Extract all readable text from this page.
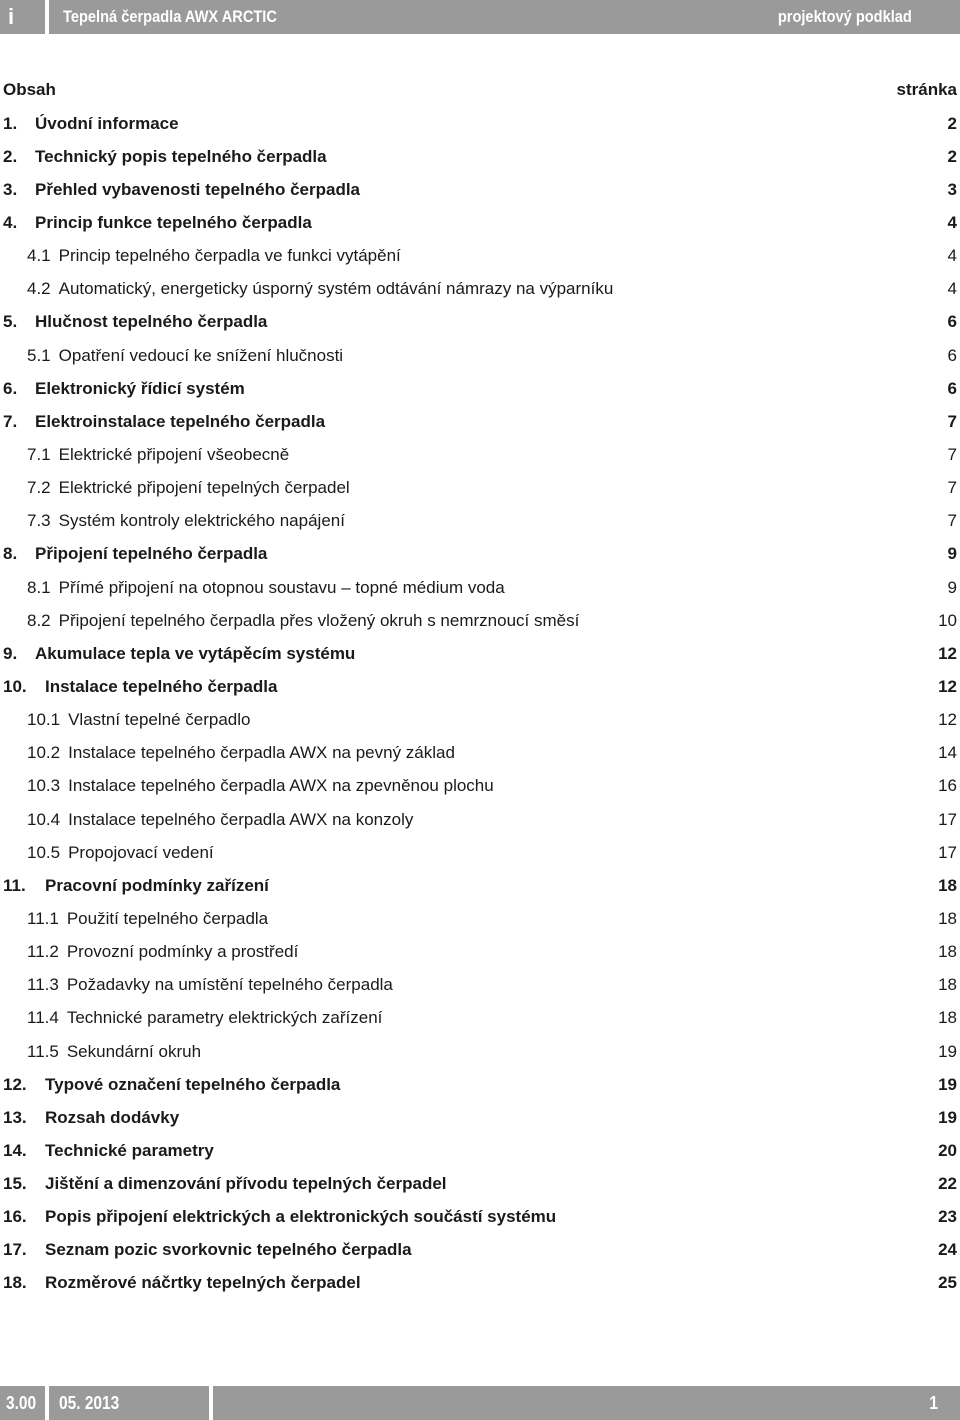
i	Tepelná čerpadla AWX ARCTIC	projektový podklad
Obsah	stránka
1.	Úvodní informace	2
2.	Technický popis tepelného čerpadla	2
3.	Přehled vybavenosti tepelného čerpadla	3
4.	Princip funkce tepelného čerpadla	4
4.1 Princip tepelného čerpadla ve funkci vytápění	4
4.2 Automatický, energeticky úsporný systém odtávání námrazy na výparníku	4
5.	Hlučnost tepelného čerpadla	6
5.1 Opatření vedoucí ke snížení hlučnosti	6
6.	Elektronický řídicí systém	6
7.	Elektroinstalace tepelného čerpadla	7
7.1 Elektrické připojení všeobecně	7
7.2 Elektrické připojení tepelných čerpadel	7
7.3 Systém kontroly elektrického napájení	7
8.	Připojení tepelného čerpadla	9
8.1 Přímé připojení na otopnou soustavu – topné médium voda	9
8.2 Připojení tepelného čerpadla přes vložený okruh s nemrznoucí směsí	10
9.	Akumulace tepla ve vytápěcím systému	12
10.	Instalace tepelného čerpadla	12
10.1 Vlastní tepelné čerpadlo	12
10.2 Instalace tepelného čerpadla AWX na pevný základ	14
10.3 Instalace tepelného čerpadla AWX na zpevněnou plochu	16
10.4 Instalace tepelného čerpadla AWX na konzoly	17
10.5 Propojovací vedení	17
11.	Pracovní podmínky zařízení	18
11.1 Použití tepelného čerpadla	18
11.2 Provozní podmínky a prostředí	18
11.3 Požadavky na umístění tepelného čerpadla	18
11.4 Technické parametry elektrických zařízení	18
11.5 Sekundární okruh	19
12.	Typové označení tepelného čerpadla	19
13.	Rozsah dodávky	19
14.	Technické parametry	20
15.	Jištění a dimenzování přívodu tepelných čerpadel	22
16.	Popis připojení elektrických a elektronických součástí systému	23
17.	Seznam pozic svorkovnic tepelného čerpadla	24
18.	Rozměrové náčrtky tepelných čerpadel	25
3.00	05. 2013	1
